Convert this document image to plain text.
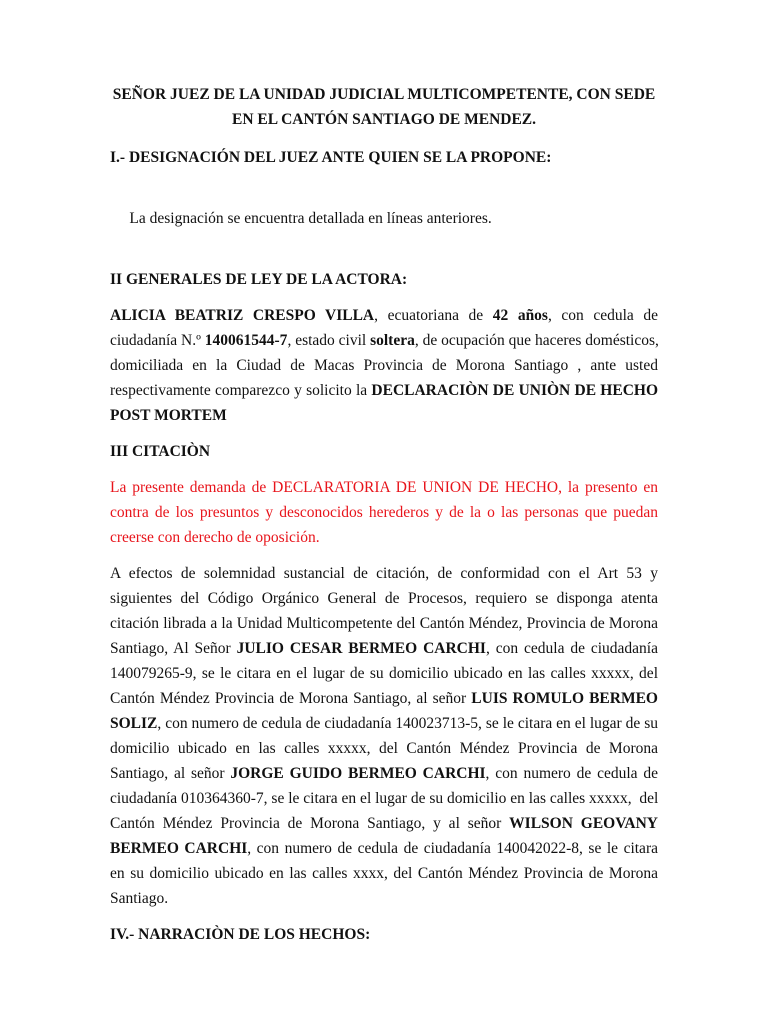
SEÑOR JUEZ DE LA UNIDAD JUDICIAL MULTICOMPETENTE, CON SEDE
EN EL CANTÓN SANTIAGO DE MENDEZ.
I.- DESIGNACIÓN DEL JUEZ ANTE QUIEN SE LA PROPONE:

La designación se encuentra detallada en líneas anteriores.

II GENERALES DE LEY DE LA ACTORA:
ALICIA BEATRIZ CRESPO VILLA, ecuatoriana de 42 años, con cedula de
ciudadanía N.º 140061544-7, estado civil soltera, de ocupación que haceres domésticos,
domiciliada en la Ciudad de Macas Provincia de Morona Santiago , ante usted
respectivamente comparezco y solicito la DECLARACIÒN DE UNIÒN DE HECHO
POST MORTEM
III CITACIÒN
La presente demanda de DECLARATORIA DE UNION DE HECHO, la presento en
contra de los presuntos y desconocidos herederos y de la o las personas que puedan
creerse con derecho de oposición.
A efectos de solemnidad sustancial de citación, de conformidad con el Art 53 y
siguientes del Código Orgánico General de Procesos, requiero se disponga atenta
citación librada a la Unidad Multicompetente del Cantón Méndez, Provincia de Morona
Santiago, Al Señor JULIO CESAR BERMEO CARCHI, con cedula de ciudadanía
140079265-9, se le citara en el lugar de su domicilio ubicado en las calles xxxxx, del
Cantón Méndez Provincia de Morona Santiago, al señor LUIS ROMULO BERMEO
SOLIZ, con numero de cedula de ciudadanía 140023713-5, se le citara en el lugar de su
domicilio ubicado en las calles xxxxx, del Cantón Méndez Provincia de Morona
Santiago, al señor JORGE GUIDO BERMEO CARCHI, con numero de cedula de
ciudadanía 010364360-7, se le citara en el lugar de su domicilio en las calles xxxxx,  del
Cantón Méndez Provincia de Morona Santiago, y al señor WILSON GEOVANY
BERMEO CARCHI, con numero de cedula de ciudadanía 140042022-8, se le citara
en su domicilio ubicado en las calles xxxx, del Cantón Méndez Provincia de Morona
Santiago.
IV.- NARRACIÒN DE LOS HECHOS:
